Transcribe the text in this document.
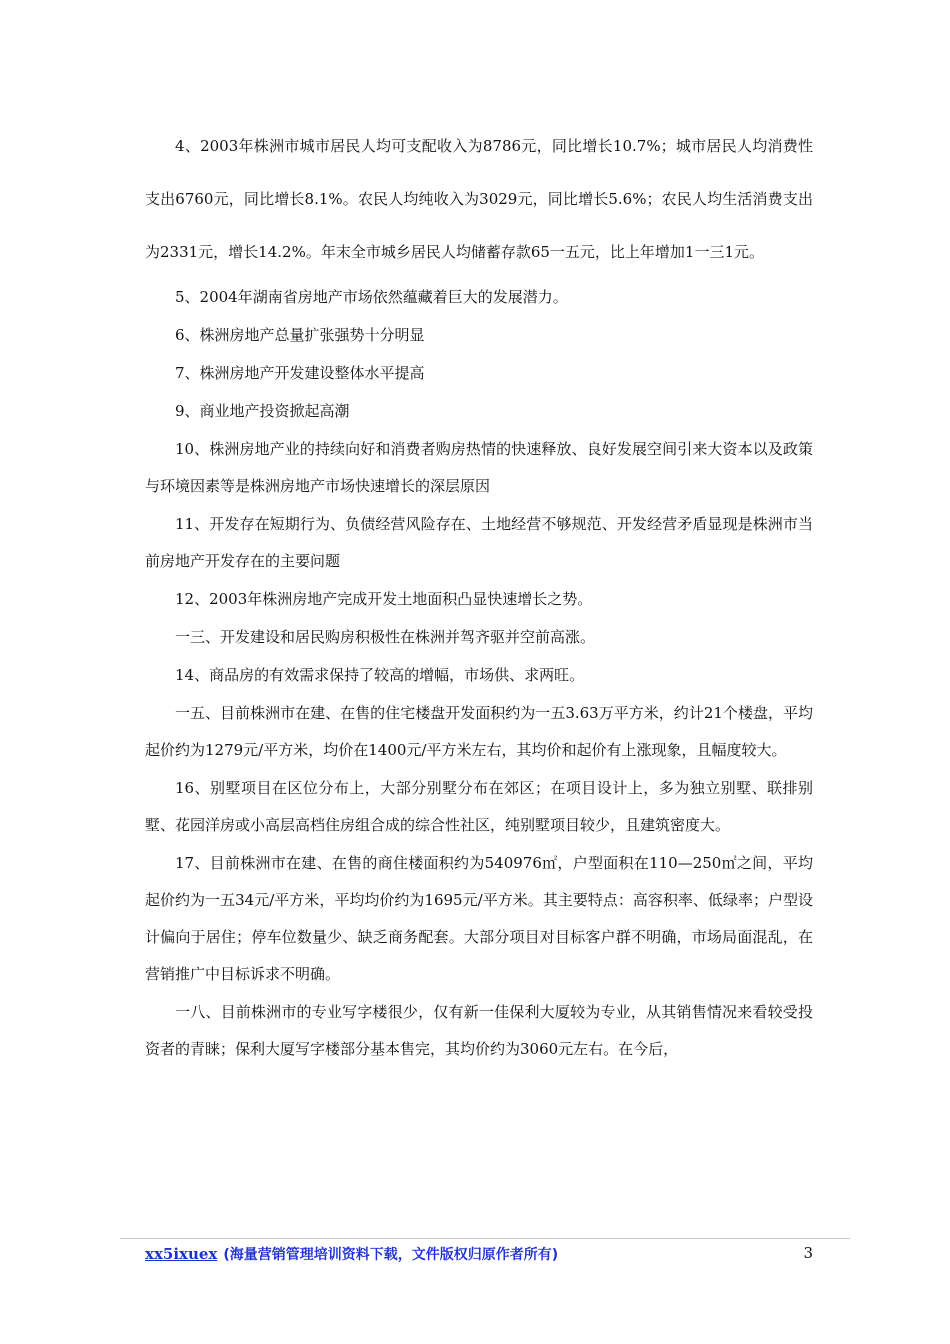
4、2003年株洲市城市居民人均可支配收入为8786元，同比增长10.7%；城市居民人均消费性支出6760元，同比增长8.1%。农民人均纯收入为3029元，同比增长5.6%；农民人均生活消费支出为2331元，增长14.2%。年末全市城乡居民人均储蓄存款65一五元，比上年增加1一三1元。

5、2004年湖南省房地产市场依然蕴藏着巨大的发展潜力。

6、株洲房地产总量扩张强势十分明显

7、株洲房地产开发建设整体水平提高

9、商业地产投资掀起高潮

10、株洲房地产业的持续向好和消费者购房热情的快速释放、良好发展空间引来大资本以及政策与环境因素等是株洲房地产市场快速增长的深层原因

11、开发存在短期行为、负债经营风险存在、土地经营不够规范、开发经营矛盾显现是株洲市当前房地产开发存在的主要问题

12、2003年株洲房地产完成开发土地面积凸显快速增长之势。

一三、开发建设和居民购房积极性在株洲并驾齐驱并空前高涨。

14、商品房的有效需求保持了较高的增幅，市场供、求两旺。

一五、目前株洲市在建、在售的住宅楼盘开发面积约为一五3.63万平方米，约计21个楼盘，平均起价约为1279元/平方米，均价在1400元/平方米左右，其均价和起价有上涨现象，且幅度较大。

16、别墅项目在区位分布上，大部分别墅分布在郊区；在项目设计上，多为独立别墅、联排别墅、花园洋房或小高层高档住房组合成的综合性社区，纯别墅项目较少，且建筑密度大。

17、目前株洲市在建、在售的商住楼面积约为540976㎡，户型面积在110—250㎡之间，平均起价约为一五34元/平方米，平均均价约为1695元/平方米。其主要特点：高容积率、低绿率；户型设计偏向于居住；停车位数量少、缺乏商务配套。大部分项目对目标客户群不明确，市场局面混乱，在营销推广中目标诉求不明确。

一八、目前株洲市的专业写字楼很少，仅有新一佳保利大厦较为专业，从其销售情况来看较受投资者的青睐；保利大厦写字楼部分基本售完，其均价约为3060元左右。在今后，

xx5ixuex (海量营销管理培训资料下载，文件版权归原作者所有)	3
